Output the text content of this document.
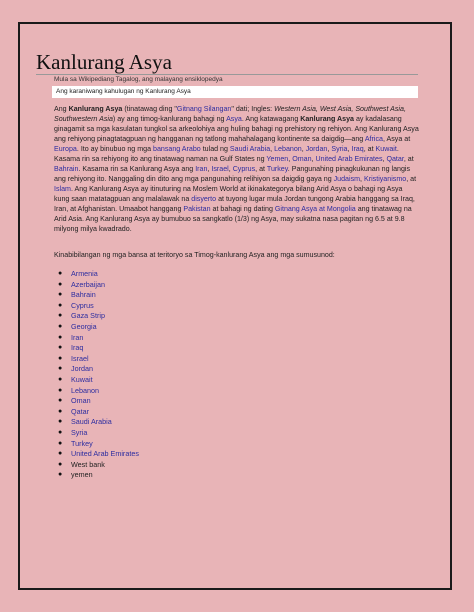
Kanlurang Asya
Mula sa Wikipediang Tagalog, ang malayang ensiklopedya
Ang karaniwang kahulugan ng Kanlurang Asya
Ang Kanlurang Asya (tinatawag ding "Gitnang Silangan" dati; Ingles: Western Asia, West Asia, Southwest Asia, Southwestern Asia) ay ang timog-kanlurang bahagi ng Asya. Ang katawagang Kanlurang Asya ay kadalasang ginagamit sa mga kasulatan tungkol sa arkeolohiya ang huling bahagi ng prehistory ng rehiyon. Ang Kanlurang Asya ang rehiyong pinagtatagpuan ng hangganan ng tatlong mahahalagang kontinente sa daigdig—ang Africa, Asya at Europa. Ito ay binubuo ng mga bansang Arabo tulad ng Saudi Arabia, Lebanon, Jordan, Syria, Iraq, at Kuwait. Kasama rin sa rehiyong ito ang tinatawag naman na Gulf States ng Yemen, Oman, United Arab Emirates, Qatar, at Bahrain. Kasama rin sa Kanlurang Asya ang Iran, Israel, Cyprus, at Turkey. Pangunahing pinagkukunan ng langis ang rehiyong ito. Nanggaling din dito ang mga pangunahing relihiyon sa daigdig gaya ng Judaism, Kristiyanismo, at Islam. Ang Kanlurang Asya ay itinuturing na Moslem World at ikinakategorya bilang Arid Asya o bahagi ng Asya kung saan matatagpuan ang malalawak na disyerto at tuyong lugar mula Jordan tungong Arabia hanggang sa Iraq, Iran, at Afghanistan. Umaabot hanggang Pakistan at bahagi ng dating Gitnang Asya at Mongolia ang tinatawag na Arid Asia. Ang Kanlurang Asya ay bumubuo sa sangkatlo (1/3) ng Asya, may sukatna nasa pagitan ng 6.5 at 9.8 milyong milya kwadrado.
Kinabibilangan ng mga bansa at teritoryo sa Timog-kanlurang Asya ang mga sumusunod:
● Armenia
● Azerbaijan
● Bahrain
● Cyprus
● Gaza Strip
● Georgia
● Iran
● Iraq
● Israel
● Jordan
● Kuwait
● Lebanon
● Oman
● Qatar
● Saudi Arabia
● Syria
● Turkey
● United Arab Emirates
● West bank
● yemen
